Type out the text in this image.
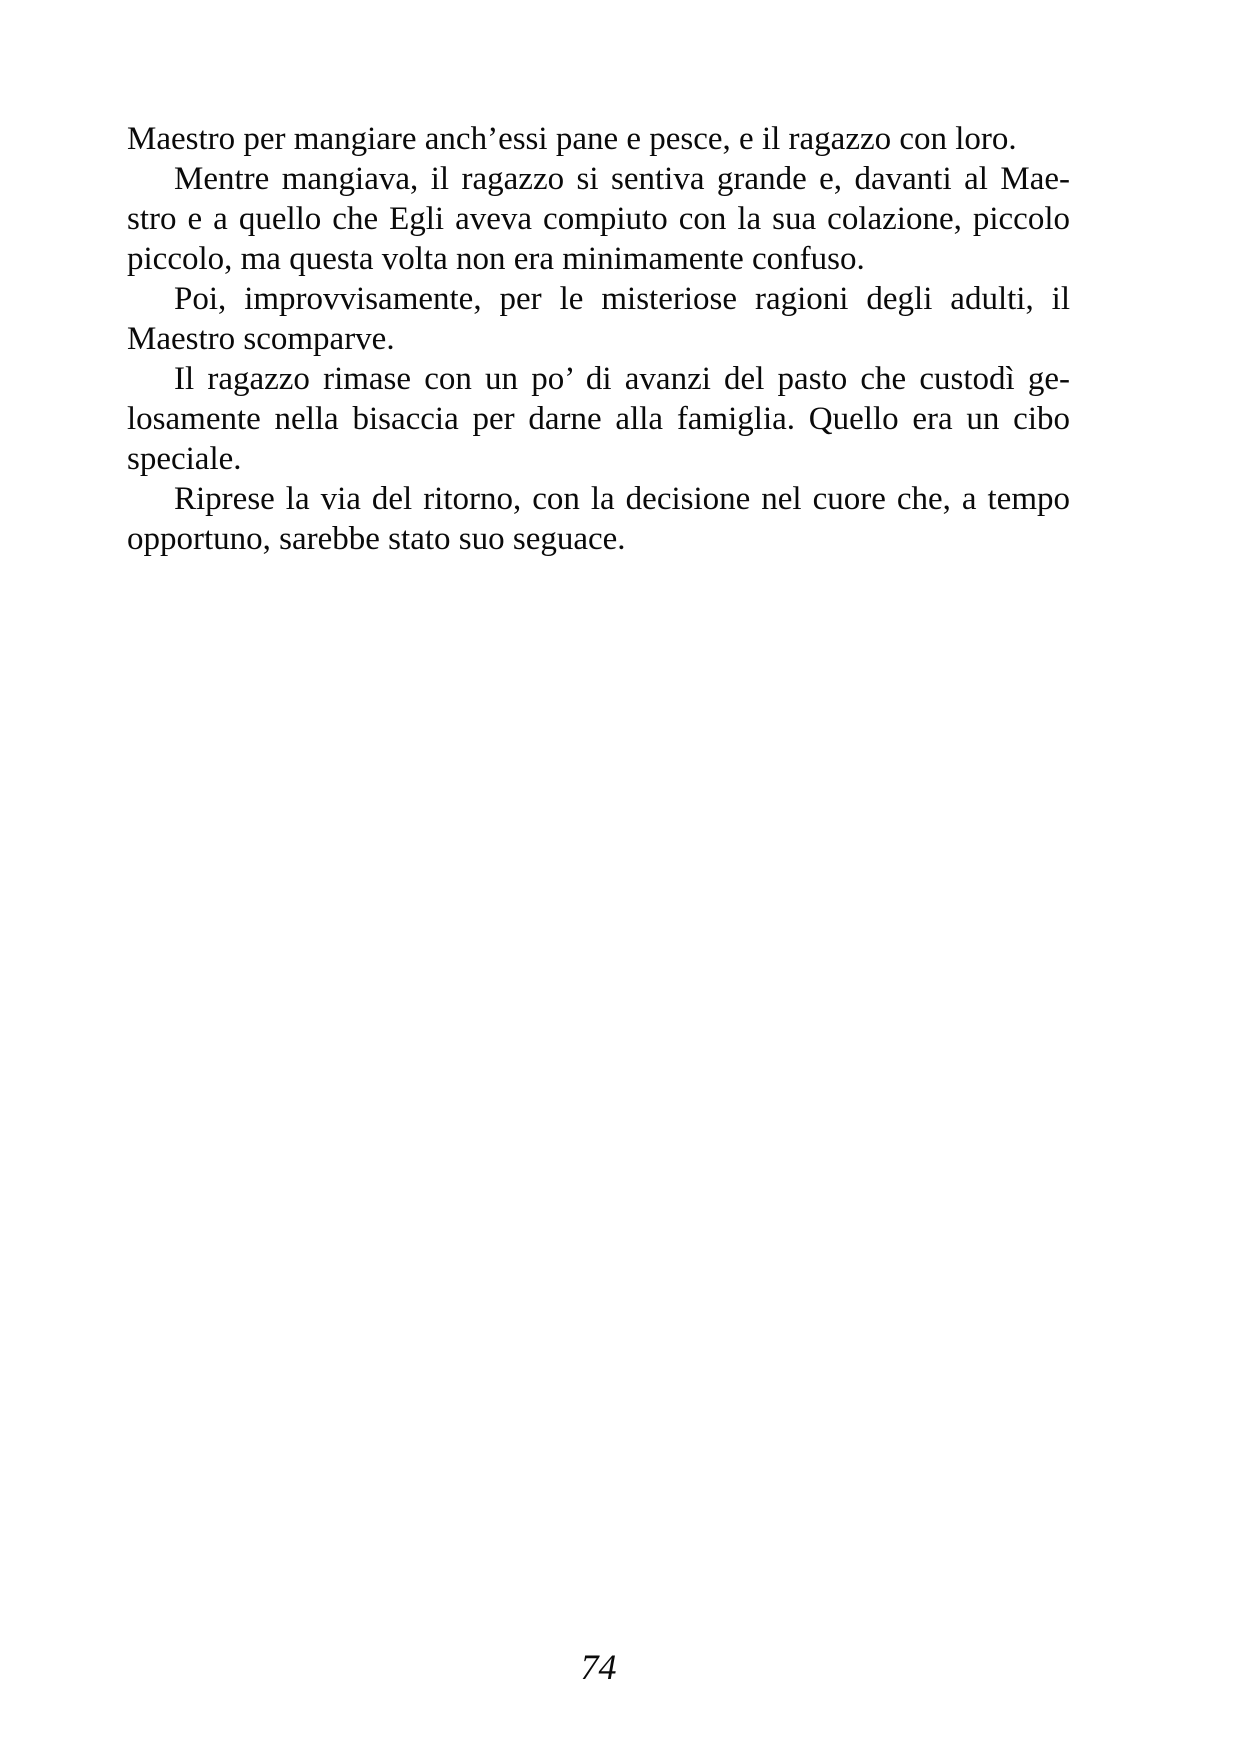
Maestro per mangiare anch’essi pane e pesce, e il ragazzo con loro.
Mentre mangiava, il ragazzo si sentiva grande e, davanti al Mae-
stro e a quello che Egli aveva compiuto con la sua colazione, piccolo
piccolo, ma questa volta non era minimamente confuso.
Poi, improvvisamente, per le misteriose ragioni degli adulti, il
Maestro scomparve.
Il ragazzo rimase con un po’ di avanzi del pasto che custodì ge-
losamente nella bisaccia per darne alla famiglia. Quello era un cibo
speciale.
Riprese la via del ritorno, con la decisione nel cuore che, a tempo
opportuno, sarebbe stato suo seguace.
74
